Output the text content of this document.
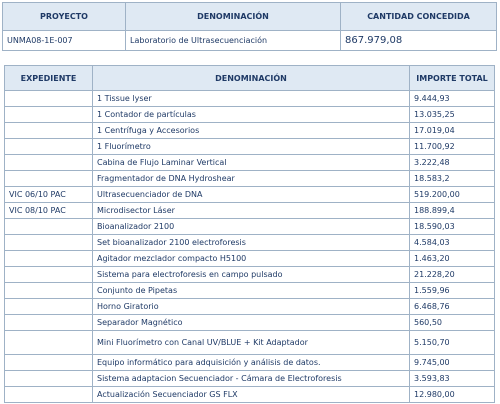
PROYECTO	DENOMINACIÓN	CANTIDAD CONCEDIDA
UNMA08-1E-007	Laboratorio de Ultrasecuenciación	867.979,08
EXPEDIENTE	DENOMINACIÓN	IMPORTE TOTAL
	1 Tissue lyser	9.444,93
	1 Contador de partículas	13.035,25
	1 Centrífuga y Accesorios	17.019,04
	1 Fluorímetro	11.700,92
	Cabina de Flujo Laminar Vertical	3.222,48
	Fragmentador de DNA Hydroshear	18.583,2
VIC 06/10 PAC	Ultrasecuenciador de DNA	519.200,00
VIC 08/10 PAC	Microdisector Láser	188.899,4
	Bioanalizador 2100	18.590,03
	Set bioanalizador 2100 electroforesis	4.584,03
	Agitador mezclador compacto H5100	1.463,20
	Sistema para electroforesis en campo pulsado	21.228,20
	Conjunto de Pipetas	1.559,96
	Horno Giratorio	6.468,76
	Separador Magnético	560,50
	Mini Fluorímetro con Canal UV/BLUE + Kit Adaptador	5.150,70
	Equipo informático para adquisición y análisis de datos.	9.745,00
	Sistema adaptacion Secuenciador - Cámara de Electroforesis	3.593,83
	Actualización Secuenciador GS FLX	12.980,00
